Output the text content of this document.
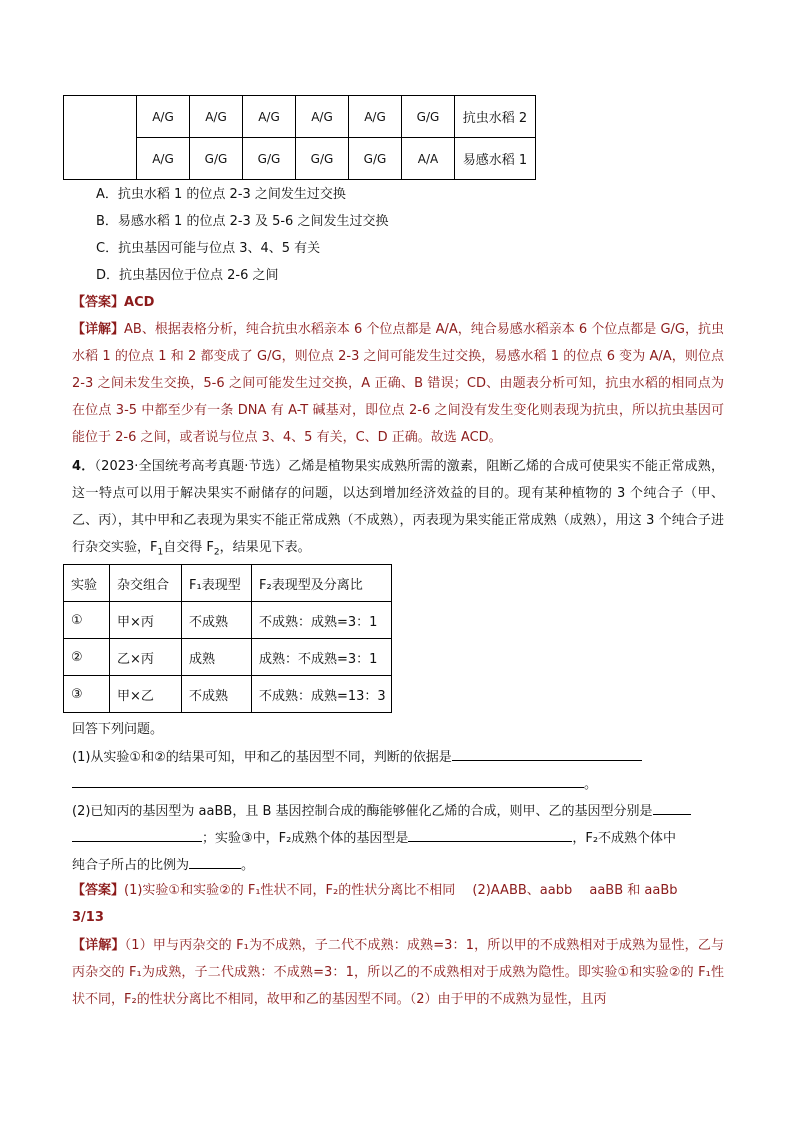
	A/G	A/G	A/G	A/G	A/G	G/G	抗虫水稻 2
	A/G	G/G	G/G	G/G	G/G	A/A	易感水稻 1
A．抗虫水稻 1 的位点 2-3 之间发生过交换
B．易感水稻 1 的位点 2-3 及 5-6 之间发生过交换
C．抗虫基因可能与位点 3、4、5 有关
D．抗虫基因位于位点 2-6 之间
【答案】ACD

【详解】AB、根据表格分析，纯合抗虫水稻亲本 6 个位点都是 A/A，纯合易感水稻亲本 6 个位点都是 G/G，抗虫水稻 1 的位点 1 和 2 都变成了 G/G，则位点 2-3 之间可能发生过交换，易感水稻 1 的位点 6 变为 A/A，则位点 2-3 之间未发生交换，5-6 之间可能发生过交换，A 正确、B 错误；CD、由题表分析可知，抗虫水稻的相同点为在位点 3-5 中都至少有一条 DNA 有 A-T 碱基对，即位点 2-6 之间没有发生变化则表现为抗虫，所以抗虫基因可能位于 2-6 之间，或者说与位点 3、4、5 有关，C、D 正确。故选 ACD。

4．（2023·全国统考高考真题·节选）乙烯是植物果实成熟所需的激素，阻断乙烯的合成可使果实不能正常成熟，这一特点可以用于解决果实不耐储存的问题，以达到增加经济效益的目的。现有某种植物的 3 个纯合子（甲、乙、丙），其中甲和乙表现为果实不能正常成熟（不成熟），丙表现为果实能正常成熟（成熟），用这 3 个纯合子进行杂交实验，$F_1$自交得 $F_2$，结果见下表。

实验	杂交组合	F₁表现型	F₂表现型及分离比
①	甲×丙	不成熟	不成熟：成熟=3：1
②	乙×丙	成熟	成熟：不成熟=3：1
③	甲×乙	不成熟	不成熟：成熟=13：3
回答下列问题。

(1)从实验①和②的结果可知，甲和乙的基因型不同，判断的依据是
。

(2)已知丙的基因型为 aaBB，且 B 基因控制合成的酶能够催化乙烯的合成，则甲、乙的基因型分别是
；实验③中，F₂成熟个体的基因型是	，F₂不成熟个体中
纯合子所占的比例为	。

【答案】(1)实验①和实验②的 F₁性状不同，F₂的性状分离比不相同　 (2)AABB、aabb　 aaBB 和 aaBb
3/13

【详解】（1）甲与丙杂交的 F₁为不成熟，子二代不成熟：成熟=3：1，所以甲的不成熟相对于成熟为显性，乙与丙杂交的 F₁为成熟，子二代成熟：不成熟=3：1，所以乙的不成熟相对于成熟为隐性。即实验①和实验②的 F₁性状不同，F₂的性状分离比不相同，故甲和乙的基因型不同。（2）由于甲的不成熟为显性，且丙
